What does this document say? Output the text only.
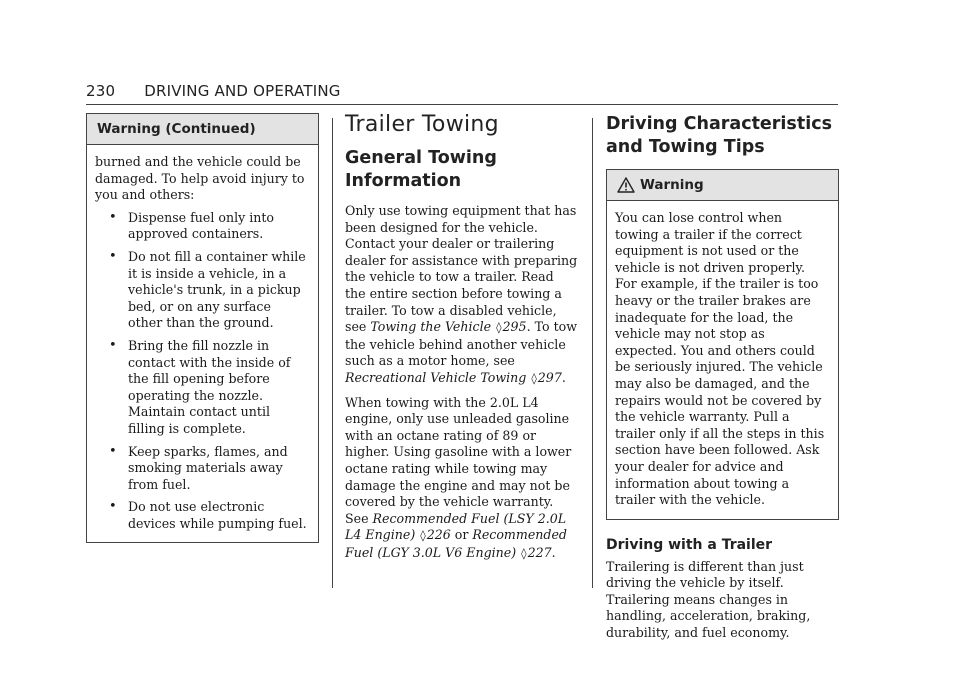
230 DRIVING AND OPERATING
Warning (Continued)

burned and the vehicle could be damaged. To help avoid injury to you and others:

• Dispense fuel only into approved containers.
• Do not fill a container while it is inside a vehicle, in a vehicle's trunk, in a pickup bed, or on any surface other than the ground.
• Bring the fill nozzle in contact with the inside of the fill opening before operating the nozzle. Maintain contact until filling is complete.
• Keep sparks, flames, and smoking materials away from fuel.
• Do not use electronic devices while pumping fuel.
Trailer Towing
General Towing Information

Only use towing equipment that has been designed for the vehicle. Contact your dealer or trailering dealer for assistance with preparing the vehicle to tow a trailer. Read the entire section before towing a trailer. To tow a disabled vehicle, see Towing the Vehicle ◊295. To tow the vehicle behind another vehicle such as a motor home, see Recreational Vehicle Towing ◊297.

When towing with the 2.0L L4 engine, only use unleaded gasoline with an octane rating of 89 or higher. Using gasoline with a lower octane rating while towing may damage the engine and may not be covered by the vehicle warranty. See Recommended Fuel (LSY 2.0L L4 Engine) ◊226 or Recommended Fuel (LGY 3.0L V6 Engine) ◊227.

Driving Characteristics and Towing Tips
Warning

You can lose control when towing a trailer if the correct equipment is not used or the vehicle is not driven properly. For example, if the trailer is too heavy or the trailer brakes are inadequate for the load, the vehicle may not stop as expected. You and others could be seriously injured. The vehicle may also be damaged, and the repairs would not be covered by the vehicle warranty. Pull a trailer only if all the steps in this section have been followed. Ask your dealer for advice and information about towing a trailer with the vehicle.

Driving with a Trailer

Trailering is different than just driving the vehicle by itself. Trailering means changes in handling, acceleration, braking, durability, and fuel economy.
